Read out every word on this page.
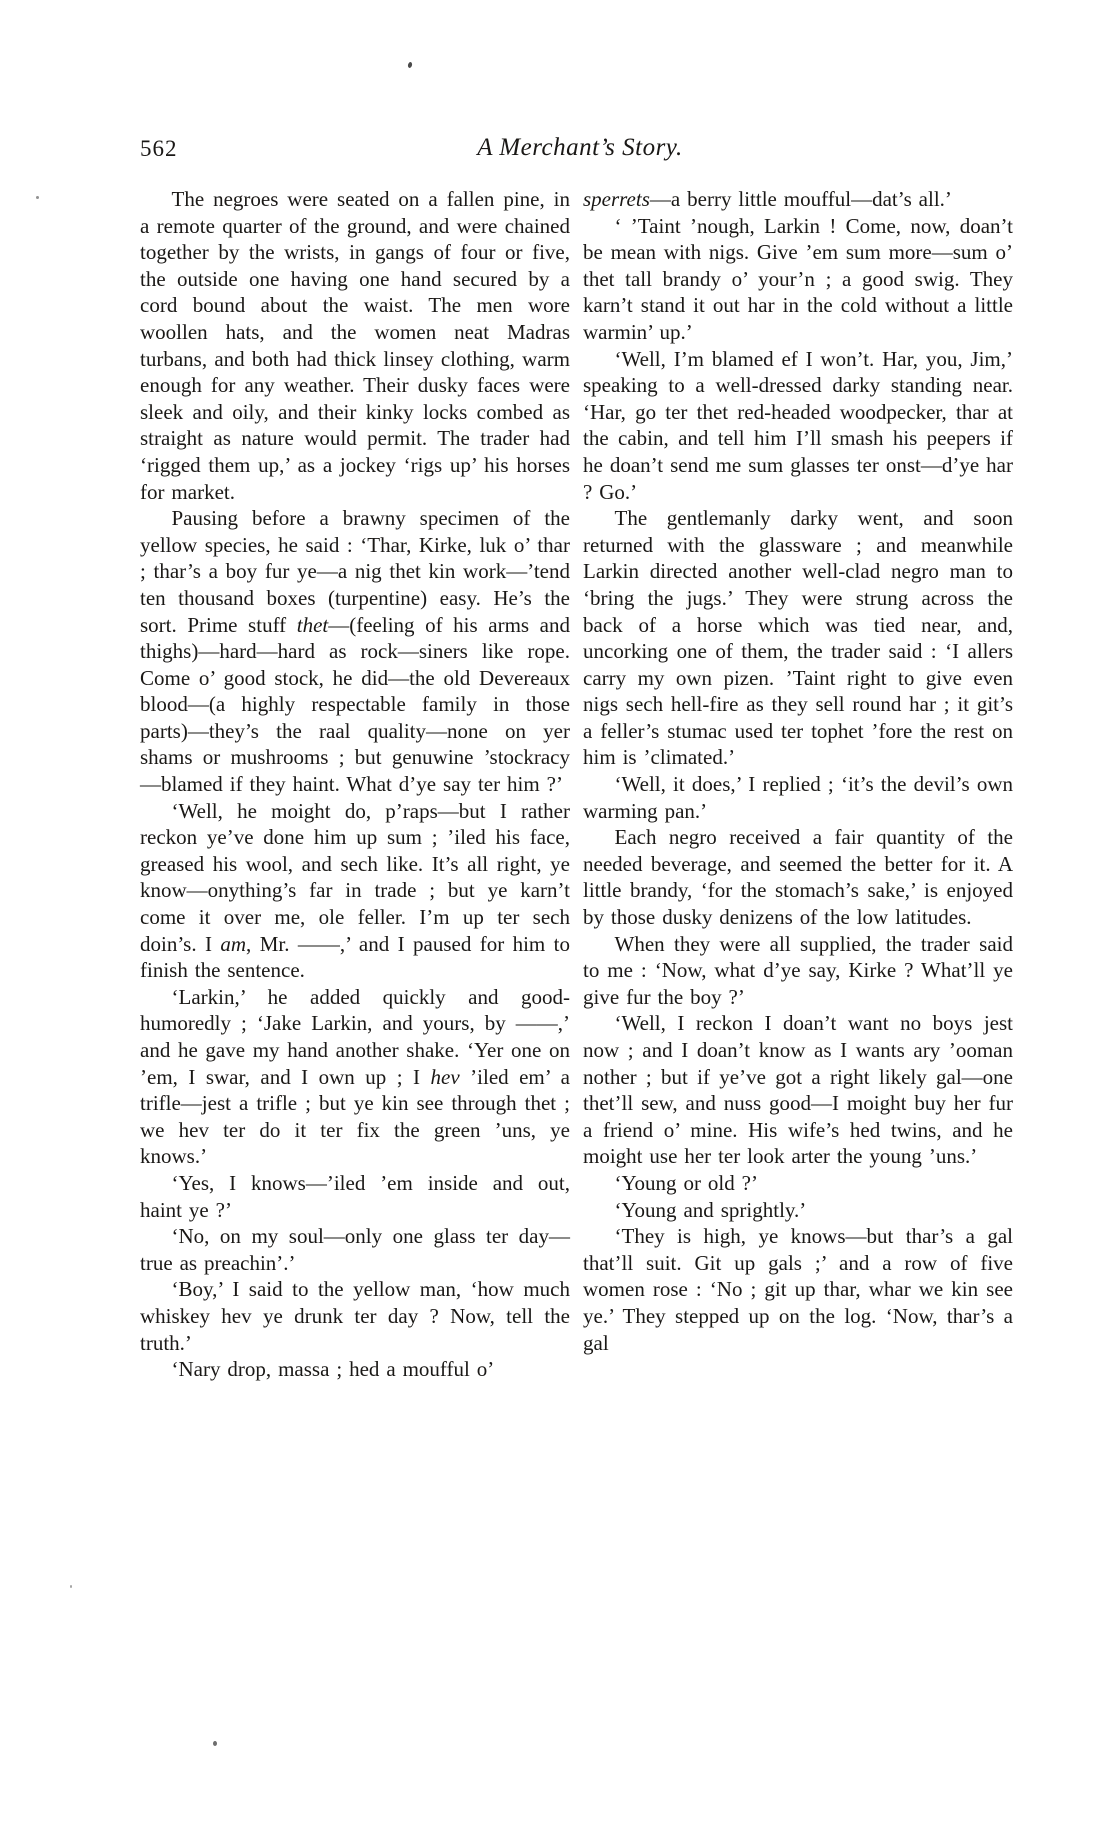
562	A Merchant’s Story.

The negroes were seated on a fallen pine, in a remote quarter of the ground, and were chained together by the wrists, in gangs of four or five, the outside one having one hand secured by a cord bound about the waist. The men wore woollen hats, and the women neat Madras turbans, and both had thick linsey clothing, warm enough for any weather. Their dusky faces were sleek and oily, and their kinky locks combed as straight as nature would permit. The trader had ‘rigged them up,’ as a jockey ‘rigs up’ his horses for market.

Pausing before a brawny specimen of the yellow species, he said : ‘Thar, Kirke, luk o’ thar ; thar’s a boy fur ye—a nig thet kin work—’tend ten thousand boxes (turpentine) easy. He’s the sort. Prime stuff thet—(feeling of his arms and thighs)—hard—hard as rock—siners like rope. Come o’ good stock, he did—the old Devereaux blood—(a highly respectable family in those parts)—they’s the raal quality—none on yer shams or mushrooms ; but genuwine ’stockracy—blamed if they haint. What d’ye say ter him ?’

‘Well, he moight do, p’raps—but I rather reckon ye’ve done him up sum ; ’iled his face, greased his wool, and sech like. It’s all right, ye know—onything’s far in trade ; but ye karn’t come it over me, ole feller. I’m up ter sech doin’s. I am, Mr. ——,’ and I paused for him to finish the sentence.

‘Larkin,’ he added quickly and good-humoredly ; ‘Jake Larkin, and yours, by ——,’ and he gave my hand another shake. ‘Yer one on ’em, I swar, and I own up ; I hev ’iled em’ a trifle—jest a trifle ; but ye kin see through thet ; we hev ter do it ter fix the green ’uns, ye knows.’

‘Yes, I knows—’iled ’em inside and out, haint ye ?’

‘No, on my soul—only one glass ter day—true as preachin’.’

‘Boy,’ I said to the yellow man, ‘how much whiskey hev ye drunk ter day ? Now, tell the truth.’

‘Nary drop, massa ; hed a moufful o’

sperrets—a berry little moufful—dat’s all.’

‘ ’Taint ’nough, Larkin ! Come, now, doan’t be mean with nigs. Give ’em sum more—sum o’ thet tall brandy o’ your’n ; a good swig. They karn’t stand it out har in the cold without a little warmin’ up.’

‘Well, I’m blamed ef I won’t. Har, you, Jim,’ speaking to a well-dressed darky standing near. ‘Har, go ter thet red-headed woodpecker, thar at the cabin, and tell him I’ll smash his peepers if he doan’t send me sum glasses ter onst—d’ye har ? Go.’

The gentlemanly darky went, and soon returned with the glassware ; and meanwhile Larkin directed another well-clad negro man to ‘bring the jugs.’ They were strung across the back of a horse which was tied near, and, uncorking one of them, the trader said : ‘I allers carry my own pizen. ’Taint right to give even nigs sech hell-fire as they sell round har ; it git’s a feller’s stumac used ter tophet ’fore the rest on him is ’climated.’

‘Well, it does,’ I replied ; ‘it’s the devil’s own warming pan.’

Each negro received a fair quantity of the needed beverage, and seemed the better for it. A little brandy, ‘for the stomach’s sake,’ is enjoyed by those dusky denizens of the low latitudes.

When they were all supplied, the trader said to me : ‘Now, what d’ye say, Kirke ? What’ll ye give fur the boy ?’

‘Well, I reckon I doan’t want no boys jest now ; and I doan’t know as I wants ary ’ooman nother ; but if ye’ve got a right likely gal—one thet’ll sew, and nuss good—I moight buy her fur a friend o’ mine. His wife’s hed twins, and he moight use her ter look arter the young ’uns.’

‘Young or old ?’

‘Young and sprightly.’

‘They is high, ye knows—but thar’s a gal that’ll suit. Git up gals ;’ and a row of five women rose : ‘No ; git up thar, whar we kin see ye.’ They stepped up on the log. ‘Now, thar’s a gal
